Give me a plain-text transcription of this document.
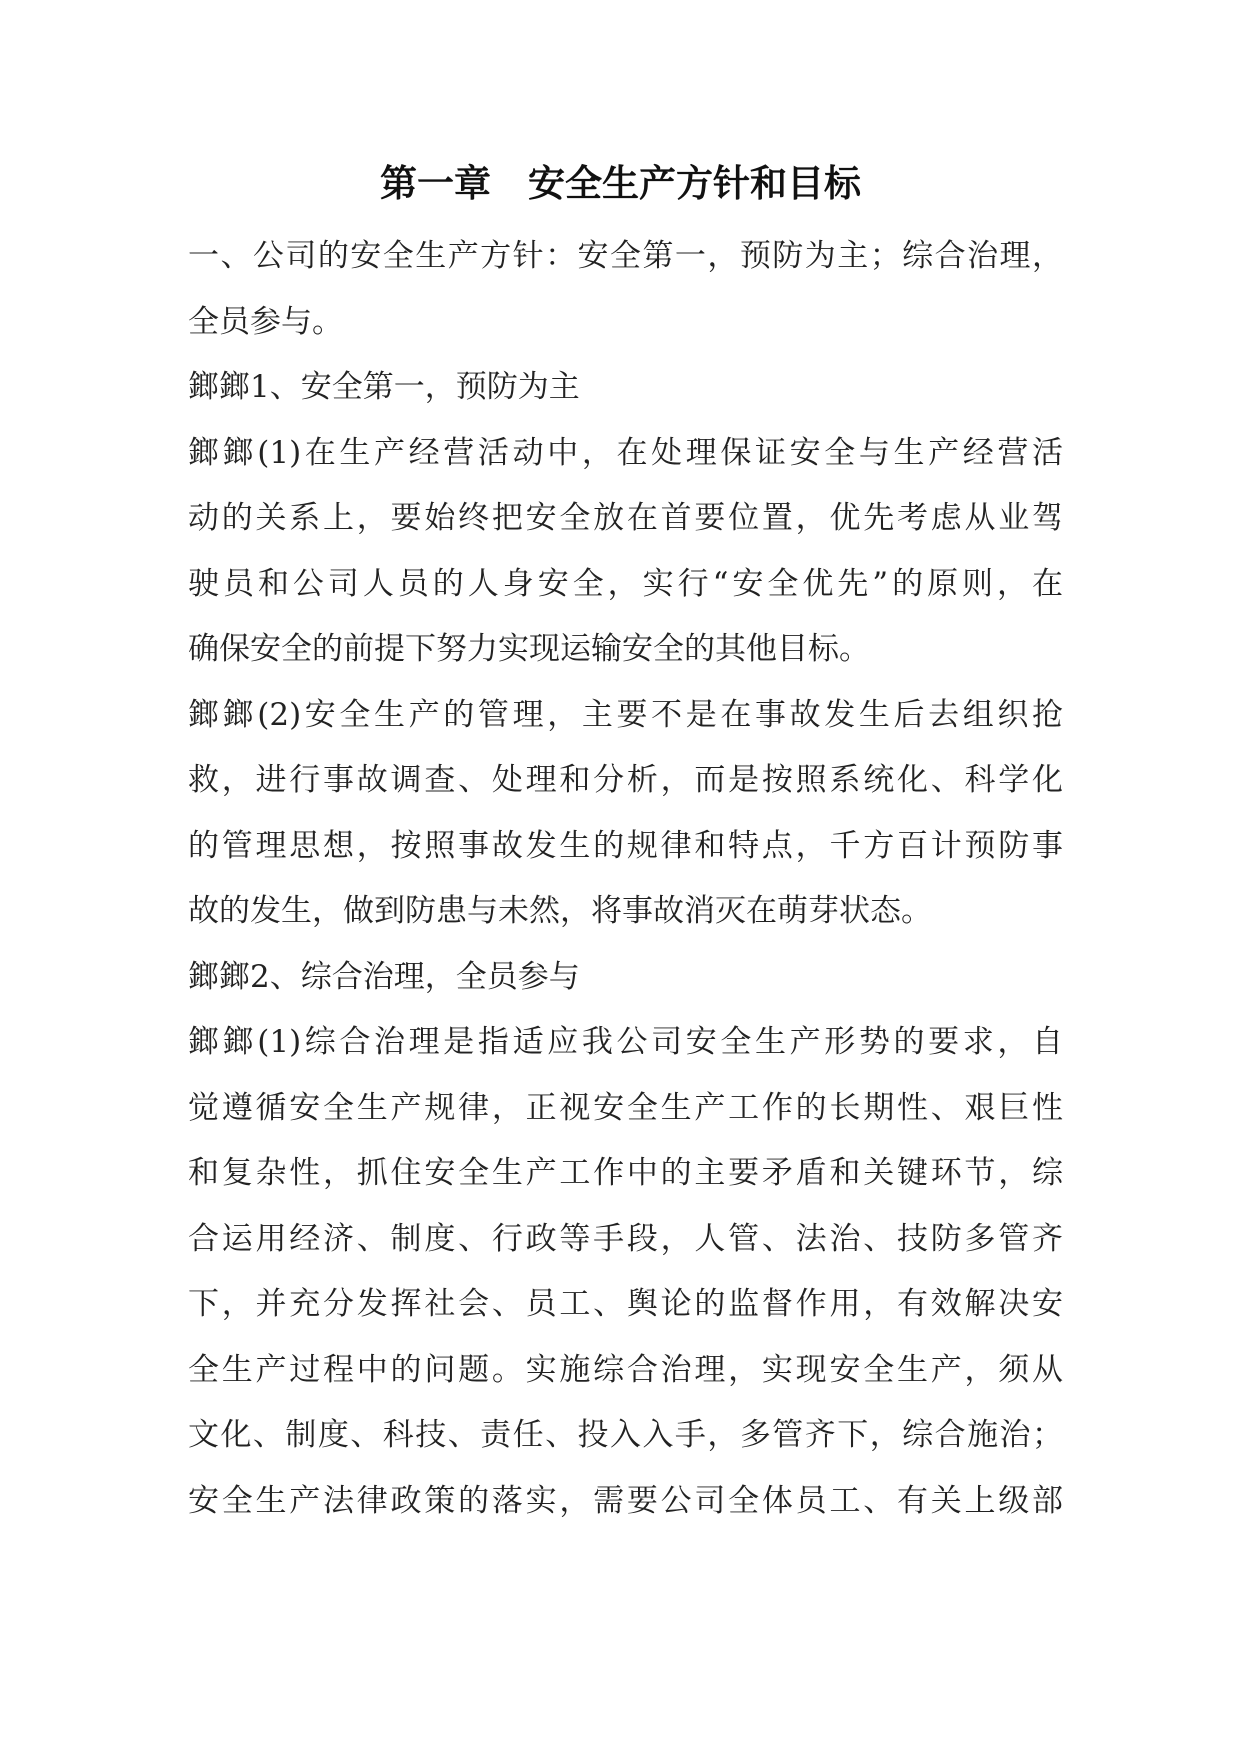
第一章　安全生产方针和目标
一、公司的安全生产方针：安全第一，预防为主；综合治理，
全员参与。
鎯鎯1、安全第一，预防为主
鎯鎯(1)在生产经营活动中，在处理保证安全与生产经营活
动的关系上，要始终把安全放在首要位置，优先考虑从业驾
驶员和公司人员的人身安全，实行“安全优先”的原则，在
确保安全的前提下努力实现运输安全的其他目标。
鎯鎯(2)安全生产的管理，主要不是在事故发生后去组织抢
救，进行事故调查、处理和分析，而是按照系统化、科学化
的管理思想，按照事故发生的规律和特点，千方百计预防事
故的发生，做到防患与未然，将事故消灭在萌芽状态。
鎯鎯2、综合治理，全员参与
鎯鎯(1)综合治理是指适应我公司安全生产形势的要求，自
觉遵循安全生产规律，正视安全生产工作的长期性、艰巨性
和复杂性，抓住安全生产工作中的主要矛盾和关键环节，综
合运用经济、制度、行政等手段，人管、法治、技防多管齐
下，并充分发挥社会、员工、舆论的监督作用，有效解决安
全生产过程中的问题。实施综合治理，实现安全生产，须从
文化、制度、科技、责任、投入入手，多管齐下，综合施治；
安全生产法律政策的落实，需要公司全体员工、有关上级部
